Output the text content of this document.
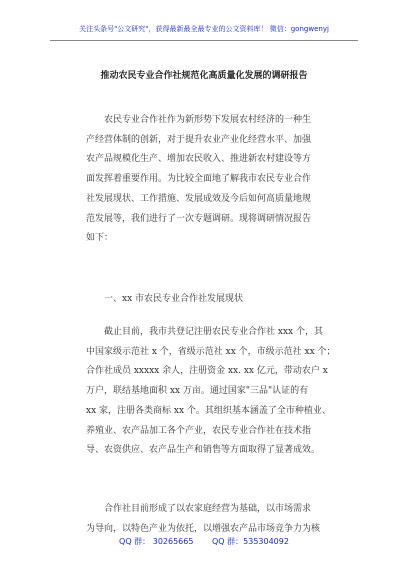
关注头条号"公文研究"，获得最新最全最专业的公文资料库！ 微信：gongwenyj
推动农民专业合作社规范化高质量化发展的调研报告
农民专业合作社作为新形势下发展农村经济的一种生
产经营体制的创新，对于提升农业产业化经营水平、加强
农产品规模化生产、增加农民收入、推进新农村建设等方
面发挥着重要作用。为比较全面地了解我市农民专业合作
社发展现状、工作措施、发展成效及今后如何高质量地规
范发展等，我们进行了一次专题调研。现将调研情况报告
如下：
一、xx 市农民专业合作社发展现状
截止目前，我市共登记注册农民专业合作社 xxx 个，其
中国家级示范社 x 个，省级示范社 xx 个，市级示范社 xx 个；
合作社成员 xxxxx 余人，注册资金 xx. xx 亿元，带动农户 x
万户，联结基地面积 xx 万亩。通过国家"三品"认证的有
xx 家，注册各类商标 xx 个。其组织基本涵盖了全市种植业、
养殖业、农产品加工各个产业，农民专业合作社在技术指
导、农资供应、农产品生产和销售等方面取得了显著成效。
合作社目前形成了以农家庭经营为基础，以市场需求
为导向，以特色产业为依托，以增强农产品市场竞争力为核
QQ 群： 30265665 QQ 群：535304092
